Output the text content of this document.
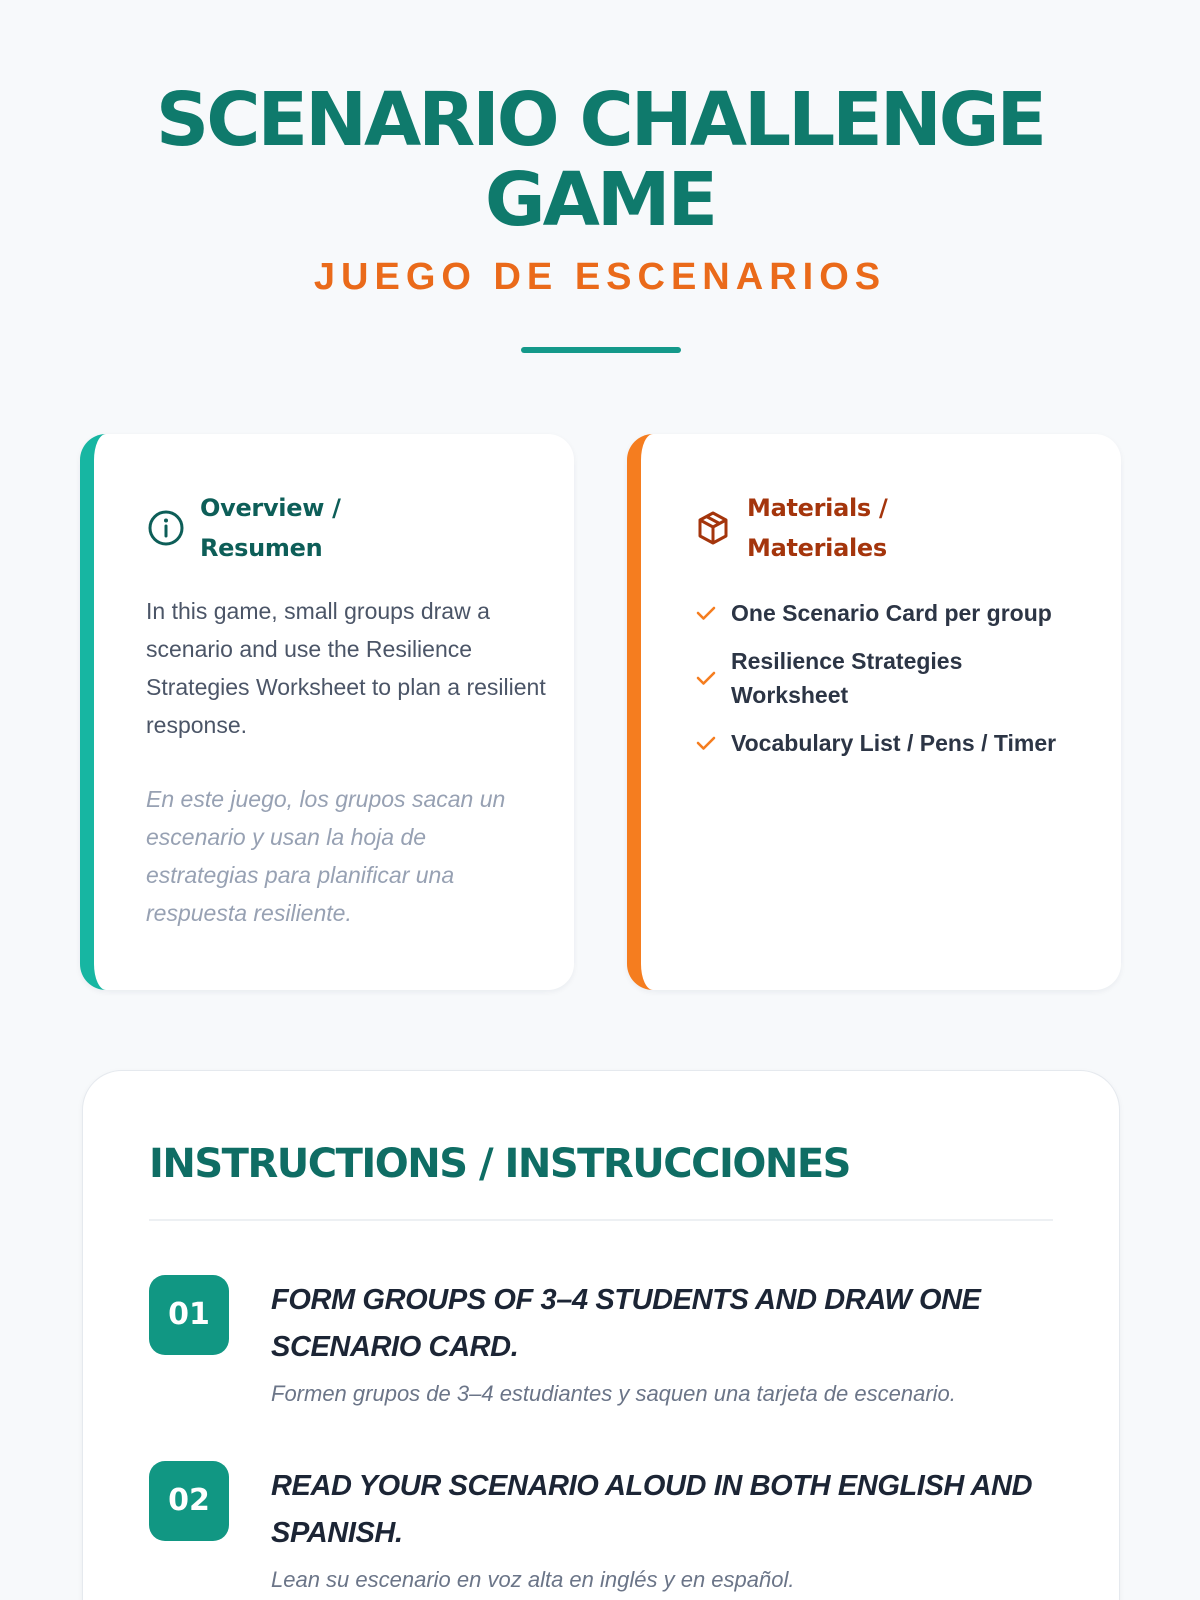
SCENARIO CHALLENGE GAME
JUEGO DE ESCENARIOS
Overview / Resumen

In this game, small groups draw a scenario and use the Resilience Strategies Worksheet to plan a resilient response.

En este juego, los grupos sacan un escenario y usan la hoja de estrategias para planificar una respuesta resiliente.

Materials / Materiales
One Scenario Card per group
Resilience Strategies Worksheet
Vocabulary List / Pens / Timer
INSTRUCTIONS / INSTRUCCIONES
01	FORM GROUPS OF 3–4 STUDENTS AND DRAW ONE SCENARIO CARD.

Formen grupos de 3–4 estudiantes y saquen una tarjeta de escenario.

02	READ YOUR SCENARIO ALOUD IN BOTH ENGLISH AND SPANISH.

Lean su escenario en voz alta en inglés y en español.
